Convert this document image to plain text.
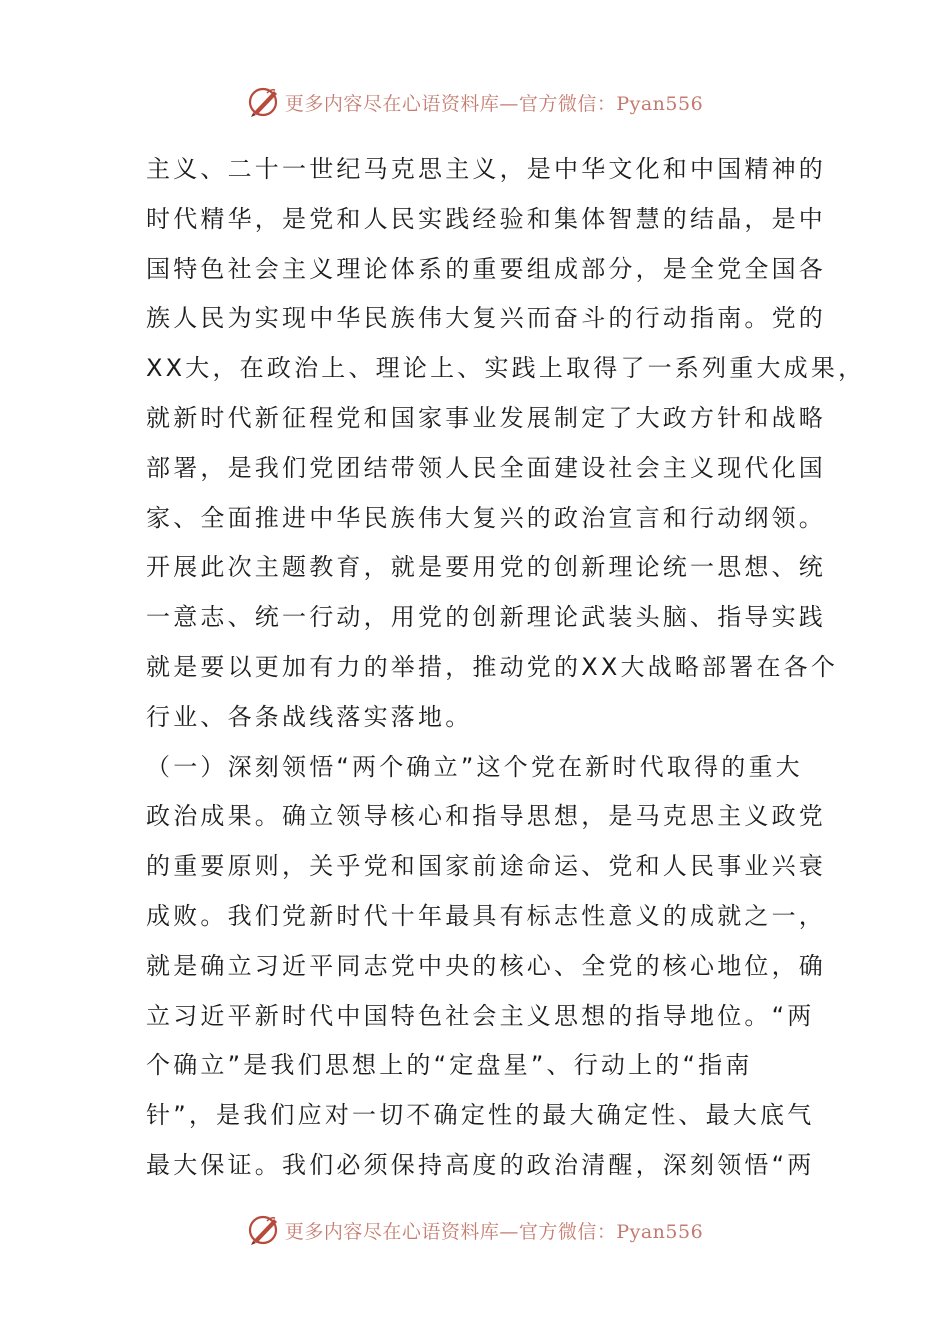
更多内容尽在心语资料库—官方微信：Pyan556
主义、二十一世纪马克思主义，是中华文化和中国精神的
时代精华，是党和人民实践经验和集体智慧的结晶，是中
国特色社会主义理论体系的重要组成部分，是全党全国各
族人民为实现中华民族伟大复兴而奋斗的行动指南。党的
XX大，在政治上、理论上、实践上取得了一系列重大成果，
就新时代新征程党和国家事业发展制定了大政方针和战略
部署，是我们党团结带领人民全面建设社会主义现代化国
家、全面推进中华民族伟大复兴的政治宣言和行动纲领。
开展此次主题教育，就是要用党的创新理论统一思想、统
一意志、统一行动，用党的创新理论武装头脑、指导实践
就是要以更加有力的举措，推动党的XX大战略部署在各个
行业、各条战线落实落地。
（一）深刻领悟“两个确立”这个党在新时代取得的重大
政治成果。确立领导核心和指导思想，是马克思主义政党
的重要原则，关乎党和国家前途命运、党和人民事业兴衰
成败。我们党新时代十年最具有标志性意义的成就之一，
就是确立习近平同志党中央的核心、全党的核心地位，确
立习近平新时代中国特色社会主义思想的指导地位。“两
个确立”是我们思想上的“定盘星”、行动上的“指南
针”，是我们应对一切不确定性的最大确定性、最大底气
最大保证。我们必须保持高度的政治清醒，深刻领悟“两
更多内容尽在心语资料库—官方微信：Pyan556
